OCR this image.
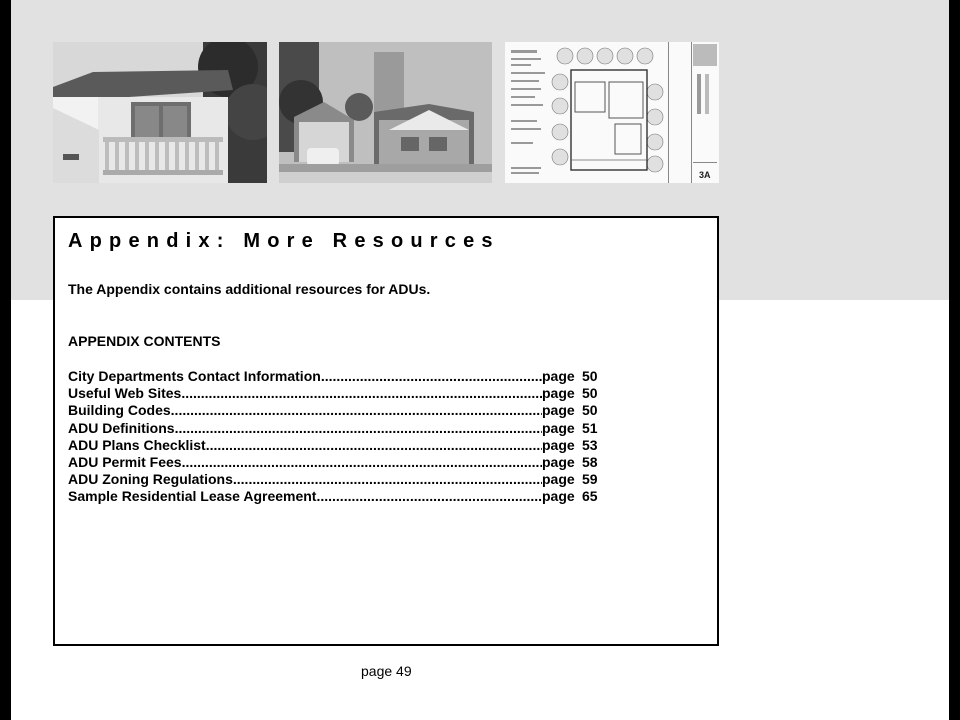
3A
Appendix: More Resources
The Appendix contains additional resources for ADUs.
APPENDIX CONTENTS
City Departments Contact Information .....	page 50
Useful Web Sites .....	page 50
Building Codes .....	page 50
ADU Definitions .....	page 51
ADU Plans Checklist .....	page 53
ADU Permit Fees .....	page 58
ADU Zoning Regulations .....	page 59
Sample Residential Lease Agreement .....	page 65
page 49
